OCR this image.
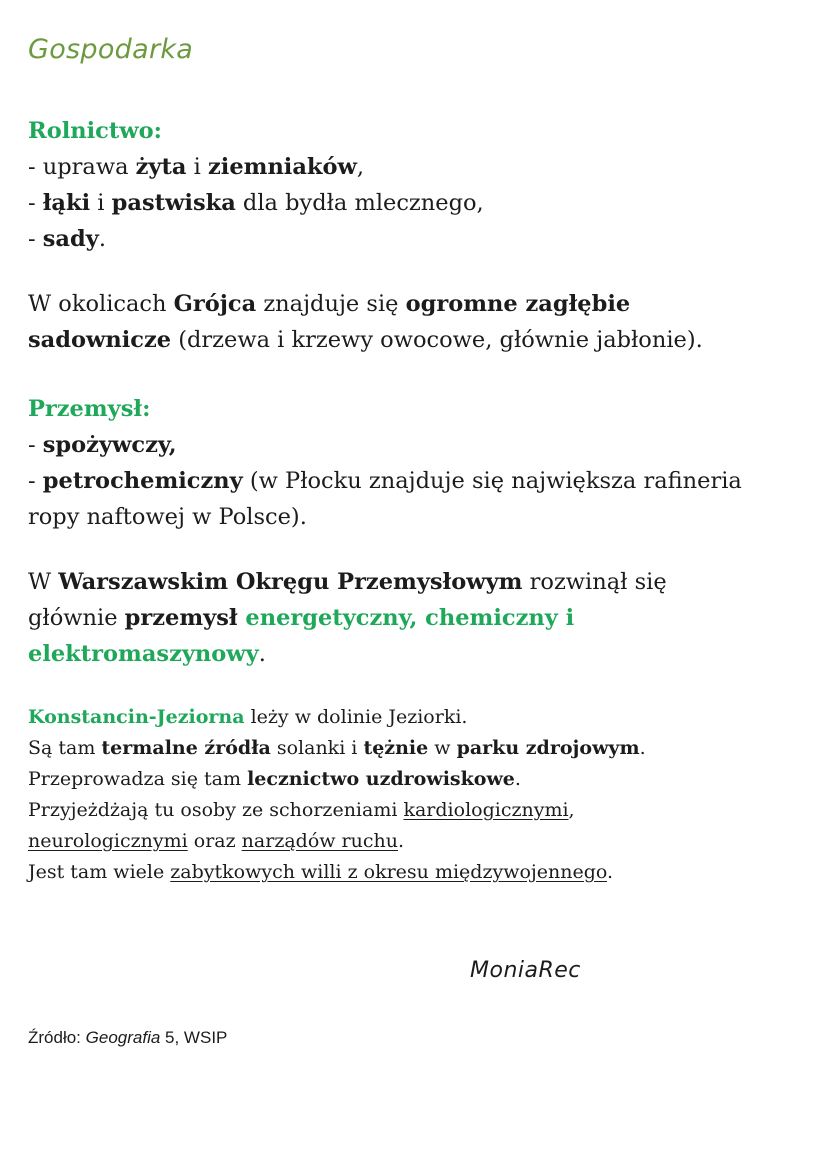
Gospodarka

Rolnictwo:

- uprawa żyta i ziemniaków,

- łąki i pastwiska dla bydła mlecznego,

- sady.

W okolicach Grójca znajduje się ogromne zagłębie
sadownicze (drzewa i krzewy owocowe, głównie jabłonie).

Przemysł:

- spożywczy,

- petrochemiczny (w Płocku znajduje się największa rafineria
ropy naftowej w Polsce).

W Warszawskim Okręgu Przemysłowym rozwinął się
głównie przemysł energetyczny, chemiczny i
elektromaszynowy.

Konstancin-Jeziorna leży w dolinie Jeziorki.

Są tam termalne źródła solanki i tężnie w parku zdrojowym.

Przeprowadza się tam lecznictwo uzdrowiskowe.

Przyjeżdżają tu osoby ze schorzeniami kardiologicznymi,

neurologicznymi oraz narządów ruchu.

Jest tam wiele zabytkowych willi z okresu międzywojennego.

MoniaRec
Źródło: Geografia 5, WSIP
